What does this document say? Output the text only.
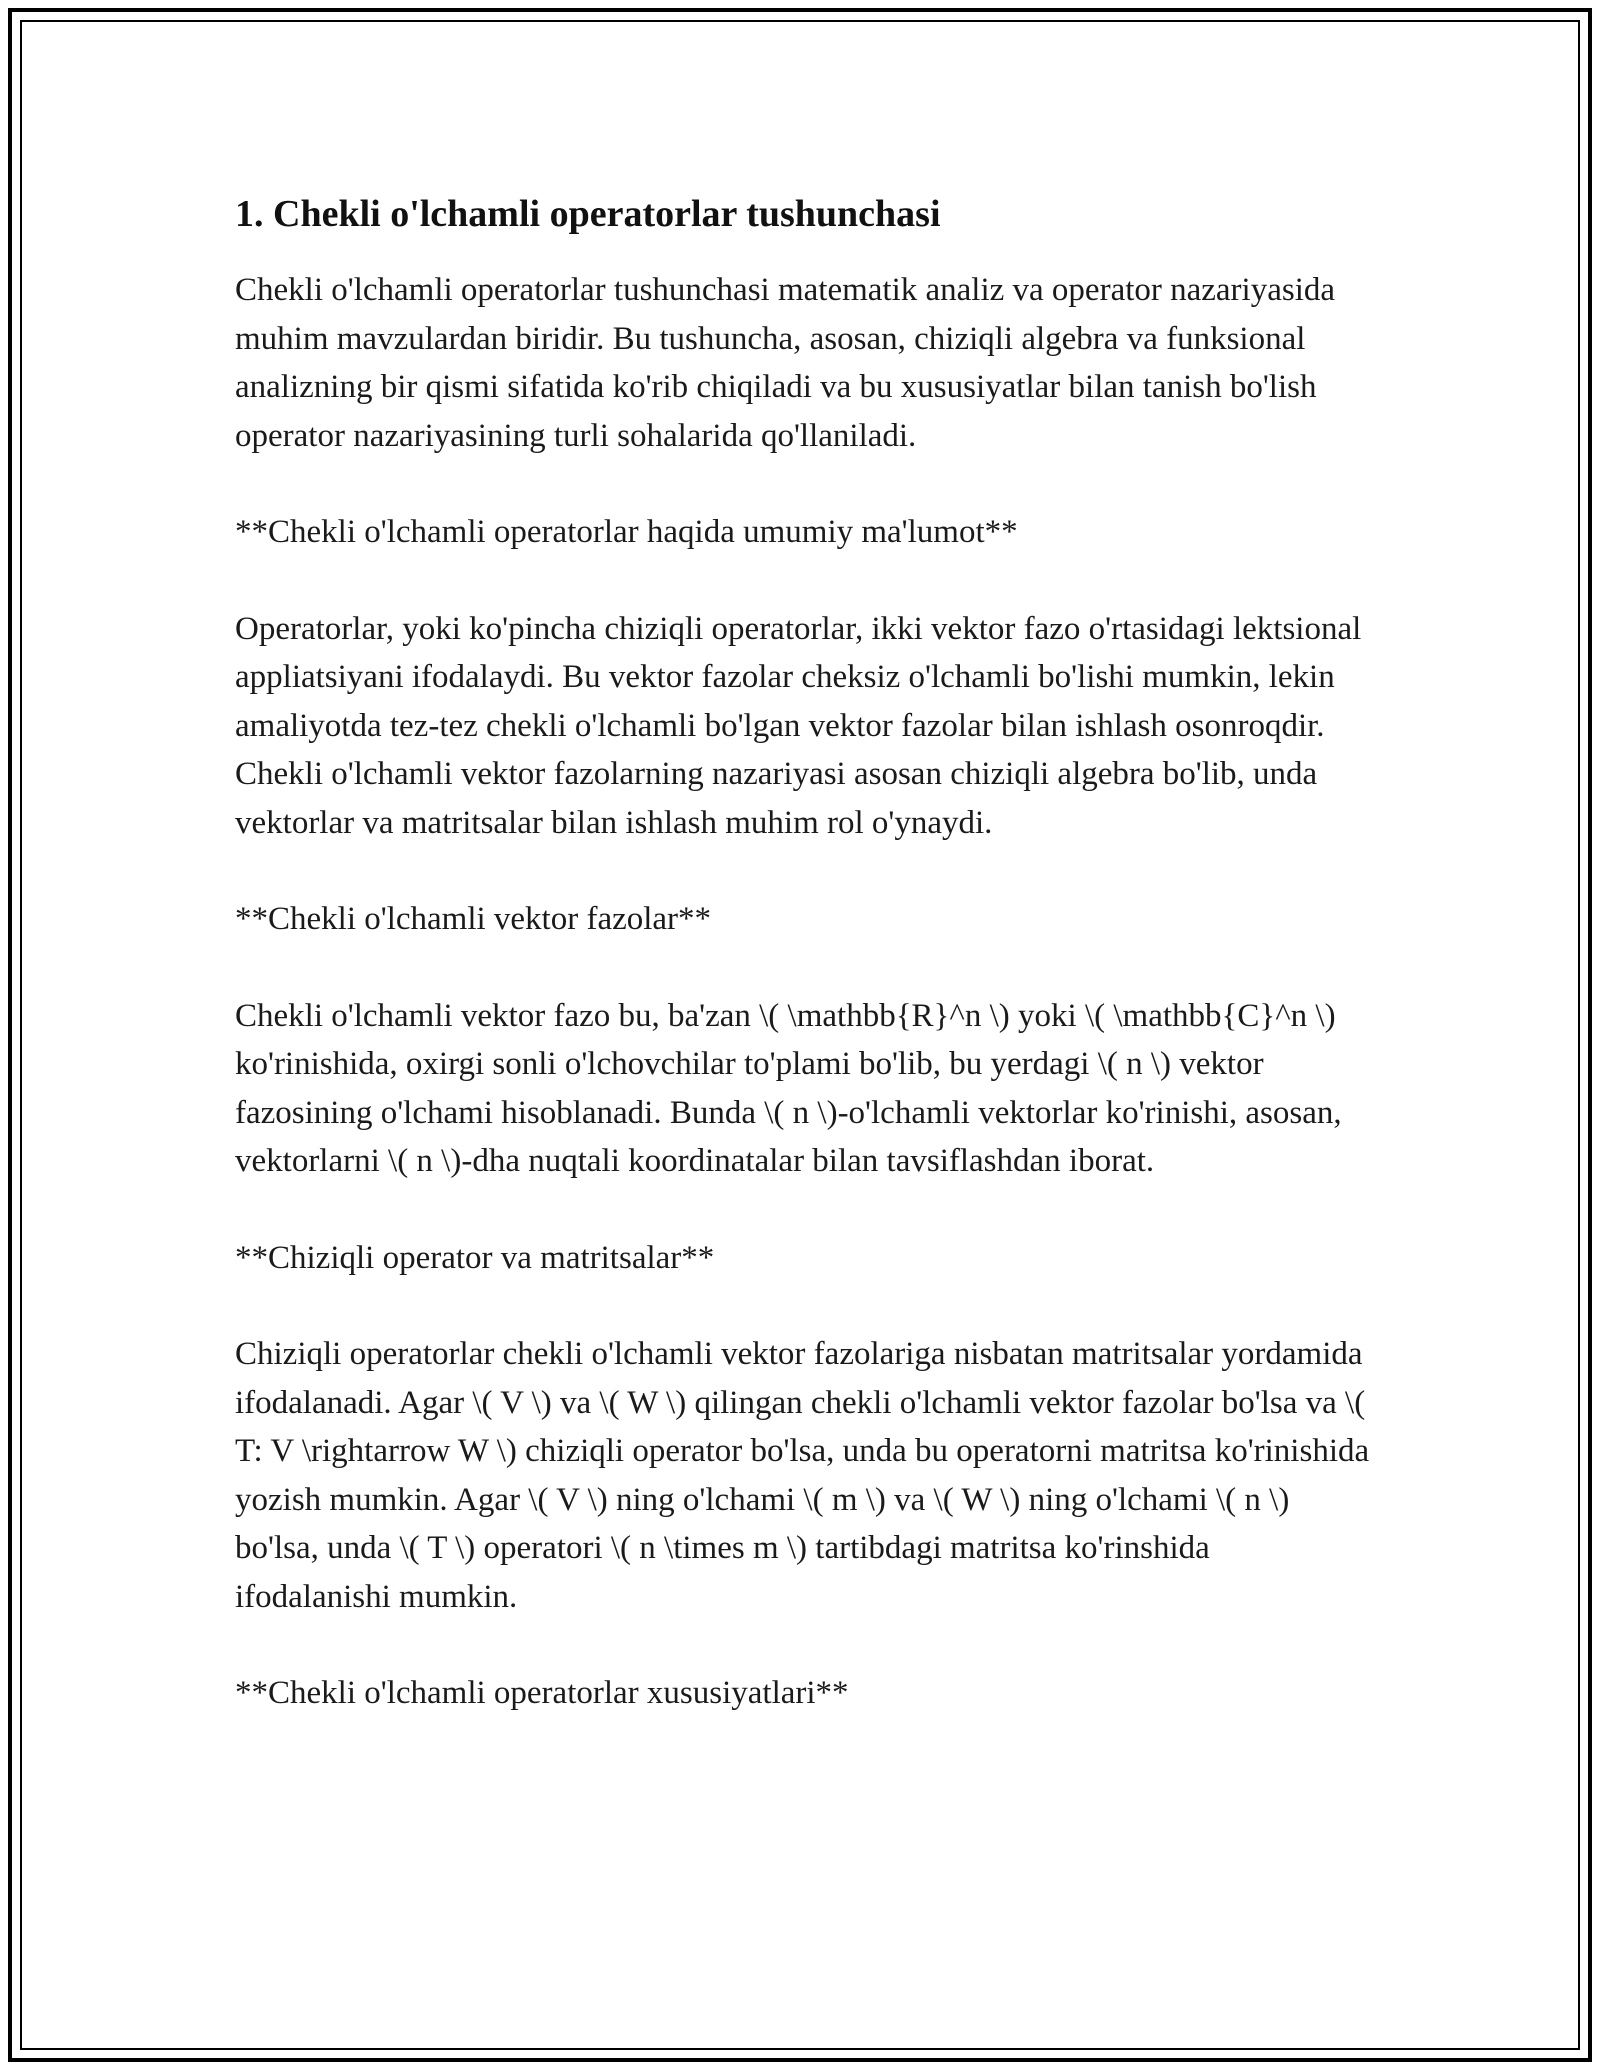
1. Chekli o'lchamli operatorlar tushunchasi

Chekli o'lchamli operatorlar tushunchasi matematik analiz va operator nazariyasida muhim mavzulardan biridir. Bu tushuncha, asosan, chiziqli algebra va funksional analizning bir qismi sifatida ko'rib chiqiladi va bu xususiyatlar bilan tanish bo'lish operator nazariyasining turli sohalarida qo'llaniladi.

**Chekli o'lchamli operatorlar haqida umumiy ma'lumot**

Operatorlar, yoki ko'pincha chiziqli operatorlar, ikki vektor fazo o'rtasidagi lektsional appliatsiyani ifodalaydi. Bu vektor fazolar cheksiz o'lchamli bo'lishi mumkin, lekin amaliyotda tez-tez chekli o'lchamli bo'lgan vektor fazolar bilan ishlash osonroqdir. Chekli o'lchamli vektor fazolarning nazariyasi asosan chiziqli algebra bo'lib, unda vektorlar va matritsalar bilan ishlash muhim rol o'ynaydi.

**Chekli o'lchamli vektor fazolar**

Chekli o'lchamli vektor fazo bu, ba'zan \( \mathbb{R}^n \) yoki \( \mathbb{C}^n \) ko'rinishida, oxirgi sonli o'lchovchilar to'plami bo'lib, bu yerdagi \( n \) vektor fazosining o'lchami hisoblanadi. Bunda \( n \)-o'lchamli vektorlar ko'rinishi, asosan, vektorlarni \( n \)-dha nuqtali koordinatalar bilan tavsiflashdan iborat.

**Chiziqli operator va matritsalar**

Chiziqli operatorlar chekli o'lchamli vektor fazolariga nisbatan matritsalar yordamida ifodalanadi. Agar \( V \) va \( W \) qilingan chekli o'lchamli vektor fazolar bo'lsa va \( T: V \rightarrow W \) chiziqli operator bo'lsa, unda bu operatorni matritsa ko'rinishida yozish mumkin. Agar \( V \) ning o'lchami \( m \) va \( W \) ning o'lchami \( n \) bo'lsa, unda \( T \) operatori \( n \times m \) tartibdagi matritsa ko'rinshida ifodalanishi mumkin.

**Chekli o'lchamli operatorlar xususiyatlari**
